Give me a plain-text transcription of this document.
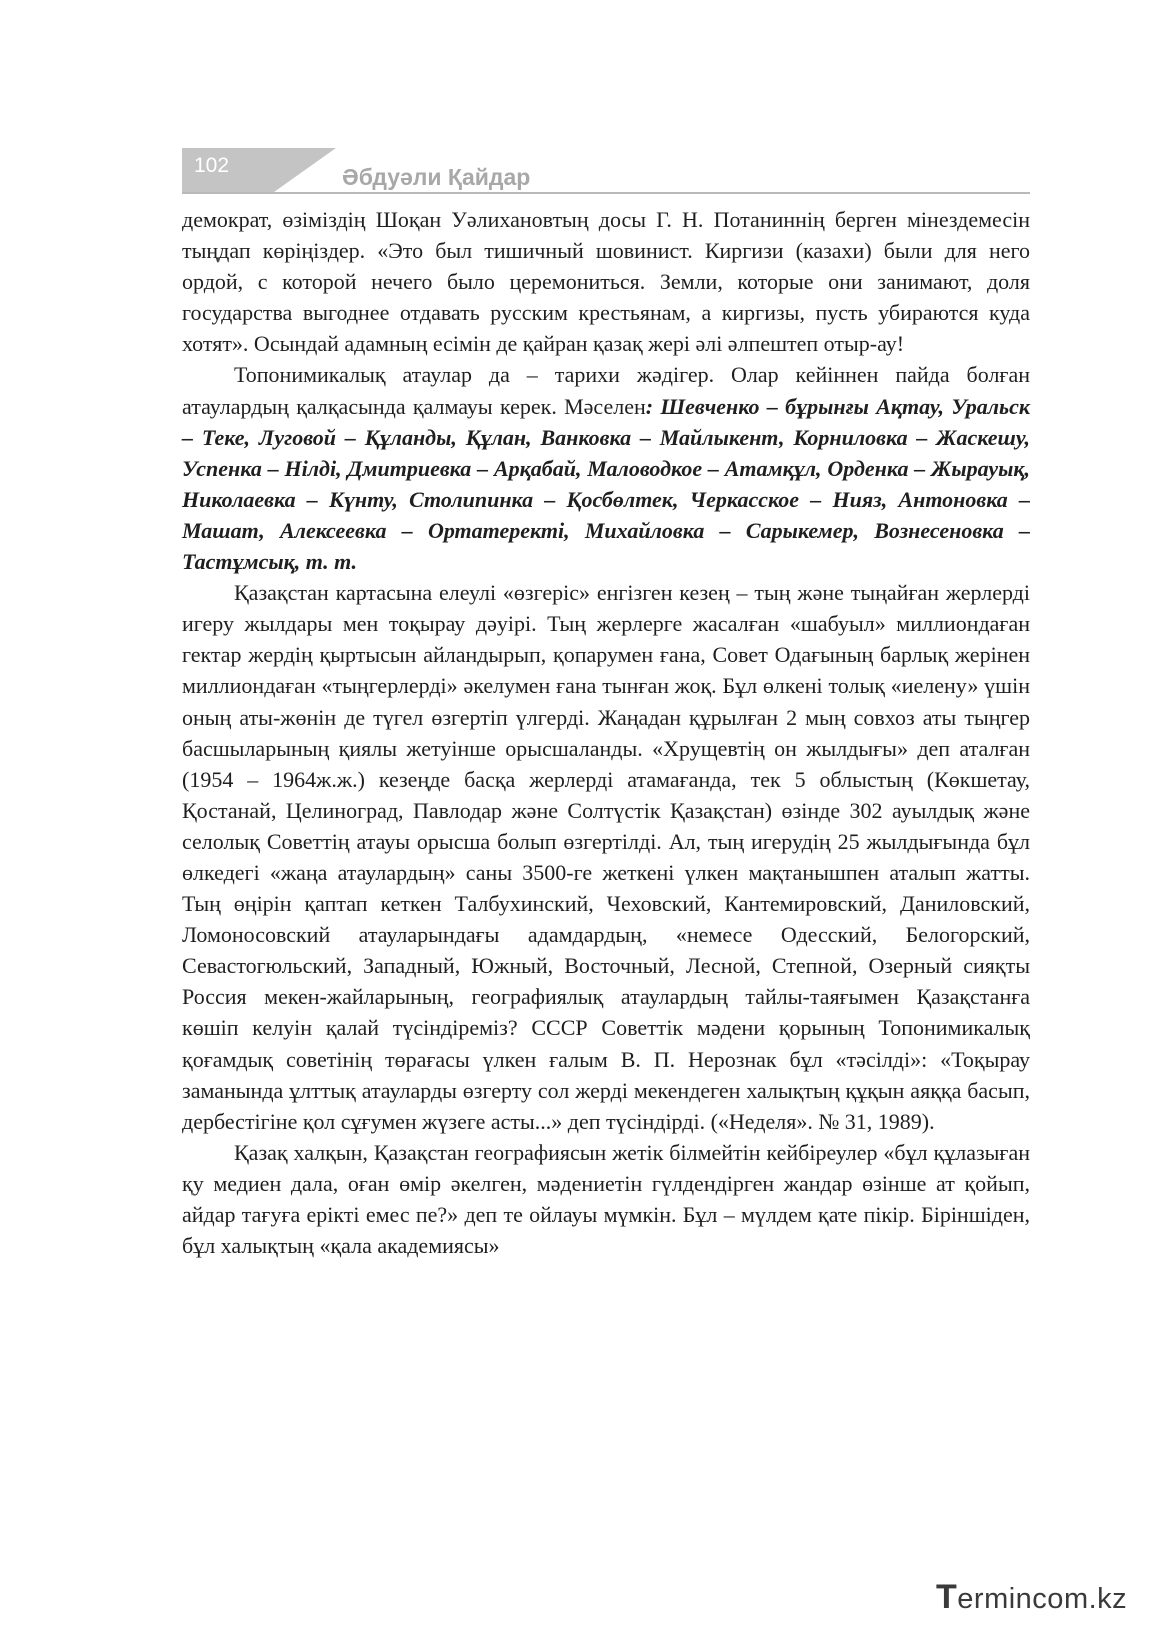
102	Әбдуәли Қайдар

демократ, өзіміздің Шоқан Уәлихановтың досы Г. Н. Потаниннің берген мінездемесін тыңдап көріңіздер. «Это был тишичный шовинист. Киргизи (казахи) были для него ордой, с которой нечего было церемониться. Земли, которые они занимают, доля государства выгоднее отдавать русским крестьянам, а киргизы, пусть убираются куда хотят». Осындай адамның есімін де қайран қазақ жері әлі әлпештеп отыр-ау!

Топонимикалық атаулар да – тарихи жәдігер. Олар кейіннен пайда болған атаулардың қалқасында қалмауы керек. Мәселен: Шевченко – бұрынғы Ақтау, Уральск – Теке, Луговой – Құланды, Құлан, Ванковка – Майлыкент, Корниловка – Жаскешу, Успенка – Нілді, Дмитриевка – Арқабай, Маловодкое – Атамқұл, Орденка – Жырауық, Николаевка – Күнту, Столипинка – Қосбөлтек, Черкасское – Нияз, Антоновка – Машат, Алексеевка – Ортатеректі, Михайловка – Сарыкемер, Вознесеновка – Тастұмсық, т. т.

Қазақстан картасына елеулі «өзгеріс» енгізген кезең – тың және тыңайған жерлерді игеру жылдары мен тоқырау дәуірі. Тың жерлерге жасалған «шабуыл» миллиондаған гектар жердің қыртысын айландырып, қопарумен ғана, Совет Одағының барлық жерінен миллиондаған «тыңгерлерді» әкелумен ғана тынған жоқ. Бұл өлкені толық «иелену» үшін оның аты-жөнін де түгел өзгертіп үлгерді. Жаңадан құрылған 2 мың совхоз аты тыңгер басшыларының қиялы жетуінше орысшаланды. «Хрущевтің он жылдығы» деп аталған (1954 – 1964ж.ж.) кезеңде басқа жерлерді атамағанда, тек 5 облыстың (Көкшетау, Қостанай, Целиноград, Павлодар және Солтүстік Қазақстан) өзінде 302 ауылдық және селолық Советтің атауы орысша болып өзгертілді. Ал, тың игерудің 25 жылдығында бұл өлкедегі «жаңа атаулардың» саны 3500-ге жеткені үлкен мақтанышпен аталып жатты. Тың өңірін қаптап кеткен Талбухинский, Чеховский, Кантемировский, Даниловский, Ломоносовский атауларындағы адамдардың, «немесе Одесский, Белогорский, Севастогюльский, Западный, Южный, Восточный, Лесной, Степной, Озерный сияқты Россия мекен-жайларының, географиялық атаулардың тайлы-таяғымен Қазақстанға көшіп келуін қалай түсіндіреміз? СССР Советтік мәдени қорының Топонимикалық қоғамдық советінің төрағасы үлкен ғалым В. П. Нерознак бұл «тәсілді»: «Тоқырау заманында ұлттық атауларды өзгерту сол жерді мекендеген халықтың құқын аяққа басып, дербестігіне қол сұғумен жүзеге асты...» деп түсіндірді. («Неделя». № 31, 1989).

Қазақ халқын, Қазақстан географиясын жетік білмейтін кейбіреулер «бұл құлазыған қу медиен дала, оған өмір әкелген, мәдениетін гүлдендірген жандар өзінше ат қойып, айдар тағуға ерікті емес пе?» деп те ойлауы мүмкін. Бұл – мүлдем қате пікір. Біріншіден, бұл халықтың «қала академиясы»

Termincom.kz
